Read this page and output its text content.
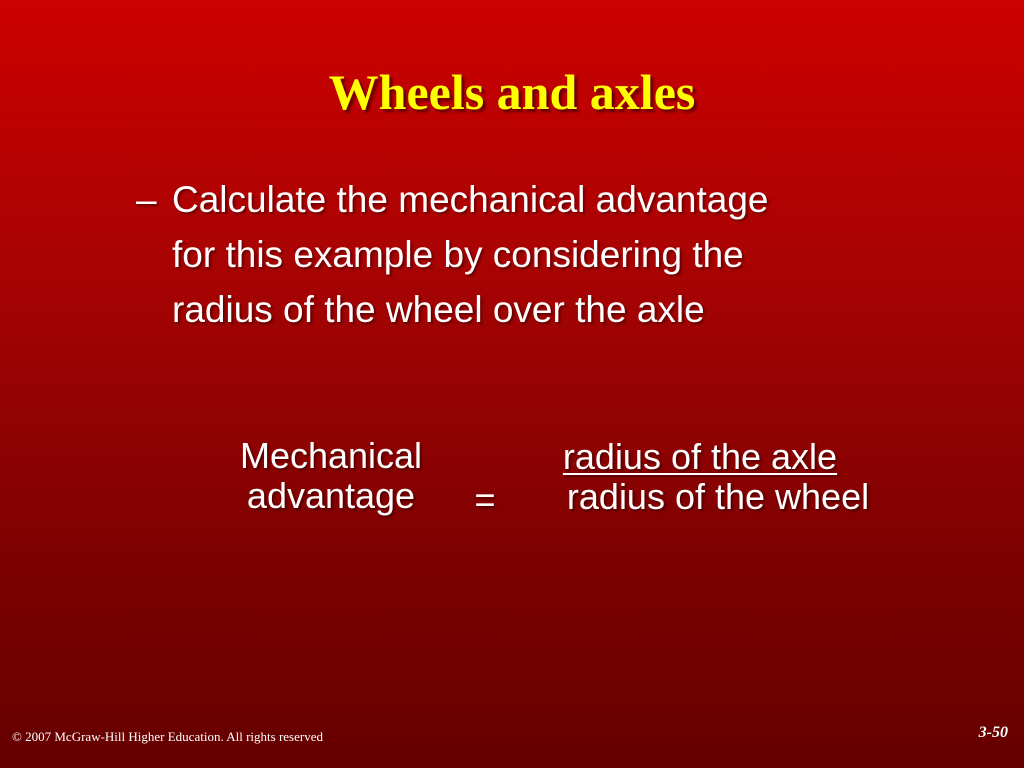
Wheels and axles
– Calculate the mechanical advantage
for this example by considering the
radius of the wheel over the axle
Mechanical
advantage	=
radius of the axle
radius of the wheel
© 2007 McGraw-Hill Higher Education. All rights reserved	3-50
